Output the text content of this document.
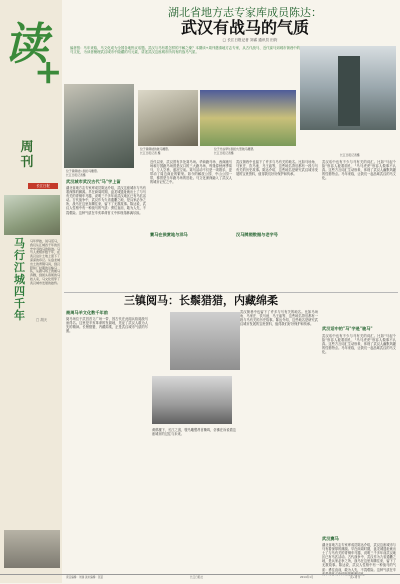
读
+
周刊
长江日报
马行江城四千年	□ 胡天
马年伊始，说马话马，我们从江城四千年的历史中寻找马的踪迹。马与人类相伴数千年，在武汉这片土地上留下了深深的印记。从盘龙城出土的青铜马具，到汉阳铁厂时期的运输马队，从跑马场上的骏马奔腾，到街头巷尾的马姓人家，马文化贯穿了武汉城市发展的始终。
湖北省地方志专家库成员陈达：
武汉有战马的气质
□ 长江日报记者 刘睿 通讯员 田钧
编者按：马年来临，马文化成为全国各地热议话题。武汉与马有着怎样的不解之缘？本期读+周刊邀请地方志专家，从古代战马、近代赛马到城市街巷中的马文化，为读者梳理武汉城市中隐藏的马元素，讲述武汉这座城市所具有的战马气质。
位于黄鹤楼公园的马雕塑。
长江日报记者摄
位于黄鹤楼的骏马雕塑。
长江日报记者 摄
位于光谷梦乐园的大型骏马雕塑。
长江日报记者摄	长江日报记者摄
武汉城市武汉古代"马"字上留
湖北省地方志专家库成员陈达介绍，武汉这座城市与马有着深厚的渊源。早在商周时期，盘龙城遗址就出土了与马有关的青铜车马器，说明三千多年前武汉地区已有马匹活动。古代战争中，武汉作为九省通衢之地，是兵家必争之所，战马在这里奔腾往来，留下了无数故事。陈达说，武汉人性格中有一种战马的气质：勇往直前，敢为人先，不畏艰险。这种气质在辛亥革命首义中体现得淋漓尽致。
近代以来，武汉曾有多处赛马场。华商跑马场、西商跑马场和万国跑马场曾是汉口的三大跑马场，每逢春秋两季赛马，万人空巷，盛况空前。赛马活动不仅是一项娱乐，更带动了周边商业的繁荣。如今的解放公园、中山公园一带，都曾是当年跑马场的旧址。马文化深深融入了武汉人的城市记忆之中。
武汉街巷中也留下了许多与马有关的地名。比如马场角、马家庄、饮马池、马王庙等，这些地名背后都有一段与马有关的历史故事。陈达介绍，这些地名是研究武汉城市发展的宝贵资料，值得我们好好保护和传承。
武汉话中也有不少与马有关的词汇。比如"马起个脸"形容人板着面孔，"马马虎虎"形容人做事不认真。这些方言词汇生动形象，体现了武汉人幽默风趣的性格特点。马年来临，让我们一起品味武汉的马文化。
赛马在侯赏地与洋马	汉马牌照数据与老字号
三镇阅马：长鬃猎猎，内藏绵柔
商周马羊文化数千年前
阅马场位于武昌首义广场一带，因古代在此阅兵检阅战马而得名。这里是辛亥革命的发源地，见证了武汉人敢为人先的精神。长鬃猎猎，内藏绵柔，正是武汉城市气质的写照。
黄鹤楼下，长江之滨，骏马雕塑昂首嘶鸣，仿佛在诉说着这座城市的过往与未来。
武汉街巷中也留下了许多与马有关的地名。比如马场角、马家庄、饮马池、马王庙等，这些地名背后都有一段与马有关的历史故事。陈达介绍，这些地名是研究武汉城市发展的宝贵资料，值得我们好好保护和传承。
武汉话中的"马"字是"骏马"
武汉话中也有不少与马有关的词汇。比如"马起个脸"形容人板着面孔，"马马虎虎"形容人做事不认真。这些方言词汇生动形象，体现了武汉人幽默风趣的性格特点。马年来临，让我们一起品味武汉的马文化。
武汉赛马
湖北省地方志专家库成员陈达介绍，武汉这座城市与马有着深厚的渊源。早在商周时期，盘龙城遗址就出土了与马有关的青铜车马器，说明三千多年前武汉地区已有马匹活动。古代战争中，武汉作为九省通衢之地，是兵家必争之所，战马在这里奔腾往来，留下了无数故事。陈达说，武汉人性格中有一种战马的气质：勇往直前，敢为人先，不畏艰险。这种气质在辛亥革命首义中体现得淋漓尽致。
责任编辑：刘睿 美术编辑：张苗	长江日报社	2014年1月	读+周刊
